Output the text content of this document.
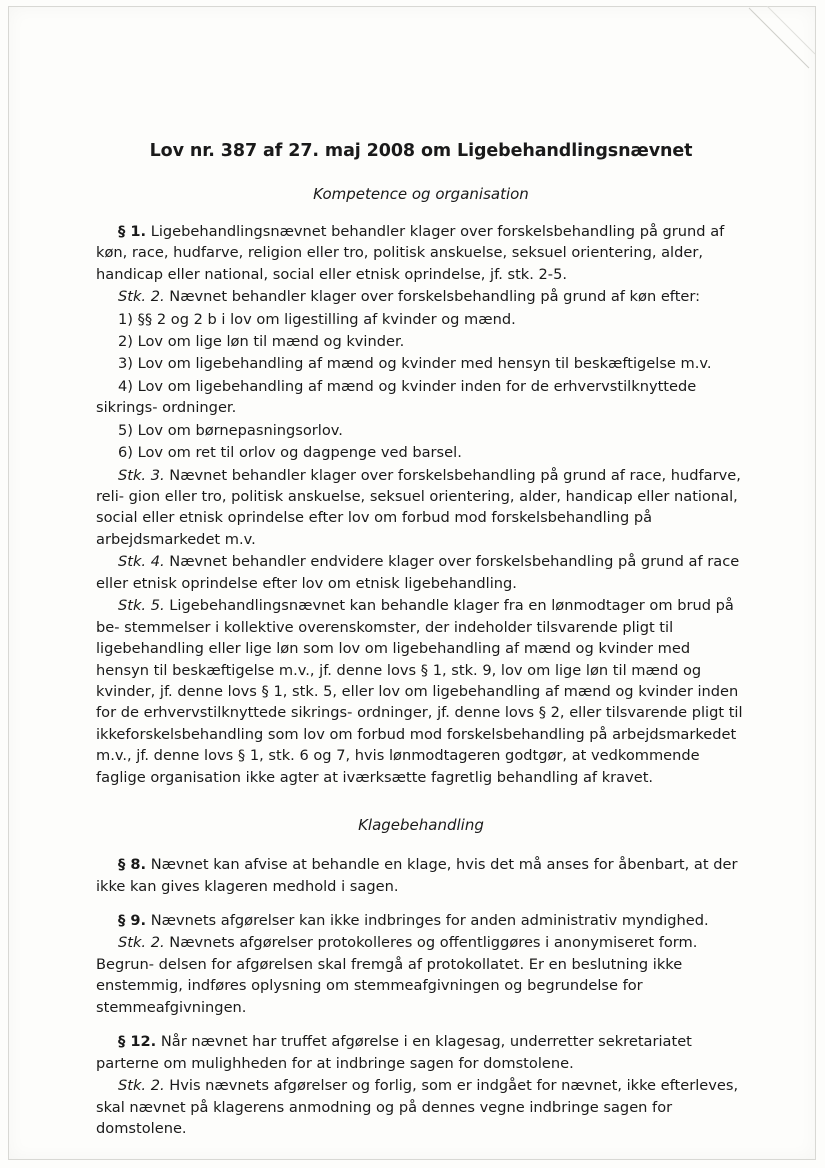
Lov nr. 387 af 27. maj 2008 om Ligebehandlingsnævnet
Kompetence og organisation

§ 1. Ligebehandlingsnævnet behandler klager over forskelsbehandling på grund af køn, race, hudfarve, religion eller tro, politisk anskuelse, seksuel orientering, alder, handicap eller national, social eller etnisk oprindelse, jf. stk. 2-5.

Stk. 2. Nævnet behandler klager over forskelsbehandling på grund af køn efter:

1) §§ 2 og 2 b i lov om ligestilling af kvinder og mænd.

2) Lov om lige løn til mænd og kvinder.

3) Lov om ligebehandling af mænd og kvinder med hensyn til beskæftigelse m.v.

4) Lov om ligebehandling af mænd og kvinder inden for de erhvervstilknyttede sikrings- ordninger.

5) Lov om børnepasningsorlov.

6) Lov om ret til orlov og dagpenge ved barsel.

Stk. 3. Nævnet behandler klager over forskelsbehandling på grund af race, hudfarve, reli- gion eller tro, politisk anskuelse, seksuel orientering, alder, handicap eller national, social eller etnisk oprindelse efter lov om forbud mod forskelsbehandling på arbejdsmarkedet m.v.

Stk. 4. Nævnet behandler endvidere klager over forskelsbehandling på grund af race eller etnisk oprindelse efter lov om etnisk ligebehandling.

Stk. 5. Ligebehandlingsnævnet kan behandle klager fra en lønmodtager om brud på be- stemmelser i kollektive overenskomster, der indeholder tilsvarende pligt til ligebehandling eller lige løn som lov om ligebehandling af mænd og kvinder med hensyn til beskæftigelse m.v., jf. denne lovs § 1, stk. 9, lov om lige løn til mænd og kvinder, jf. denne lovs § 1, stk. 5, eller lov om ligebehandling af mænd og kvinder inden for de erhvervstilknyttede sikrings- ordninger, jf. denne lovs § 2, eller tilsvarende pligt til ikkeforskelsbehandling som lov om forbud mod forskelsbehandling på arbejdsmarkedet m.v., jf. denne lovs § 1, stk. 6 og 7, hvis lønmodtageren godtgør, at vedkommende faglige organisation ikke agter at iværksætte fagretlig behandling af kravet.

Klagebehandling

§ 8. Nævnet kan afvise at behandle en klage, hvis det må anses for åbenbart, at der ikke kan gives klageren medhold i sagen.

§ 9. Nævnets afgørelser kan ikke indbringes for anden administrativ myndighed.

Stk. 2. Nævnets afgørelser protokolleres og offentliggøres i anonymiseret form. Begrun- delsen for afgørelsen skal fremgå af protokollatet. Er en beslutning ikke enstemmig, indføres oplysning om stemmeafgivningen og begrundelse for stemmeafgivningen.

§ 12. Når nævnet har truffet afgørelse i en klagesag, underretter sekretariatet parterne om mulighheden for at indbringe sagen for domstolene.

Stk. 2. Hvis nævnets afgørelser og forlig, som er indgået for nævnet, ikke efterleves, skal nævnet på klagerens anmodning og på dennes vegne indbringe sagen for domstolene.
